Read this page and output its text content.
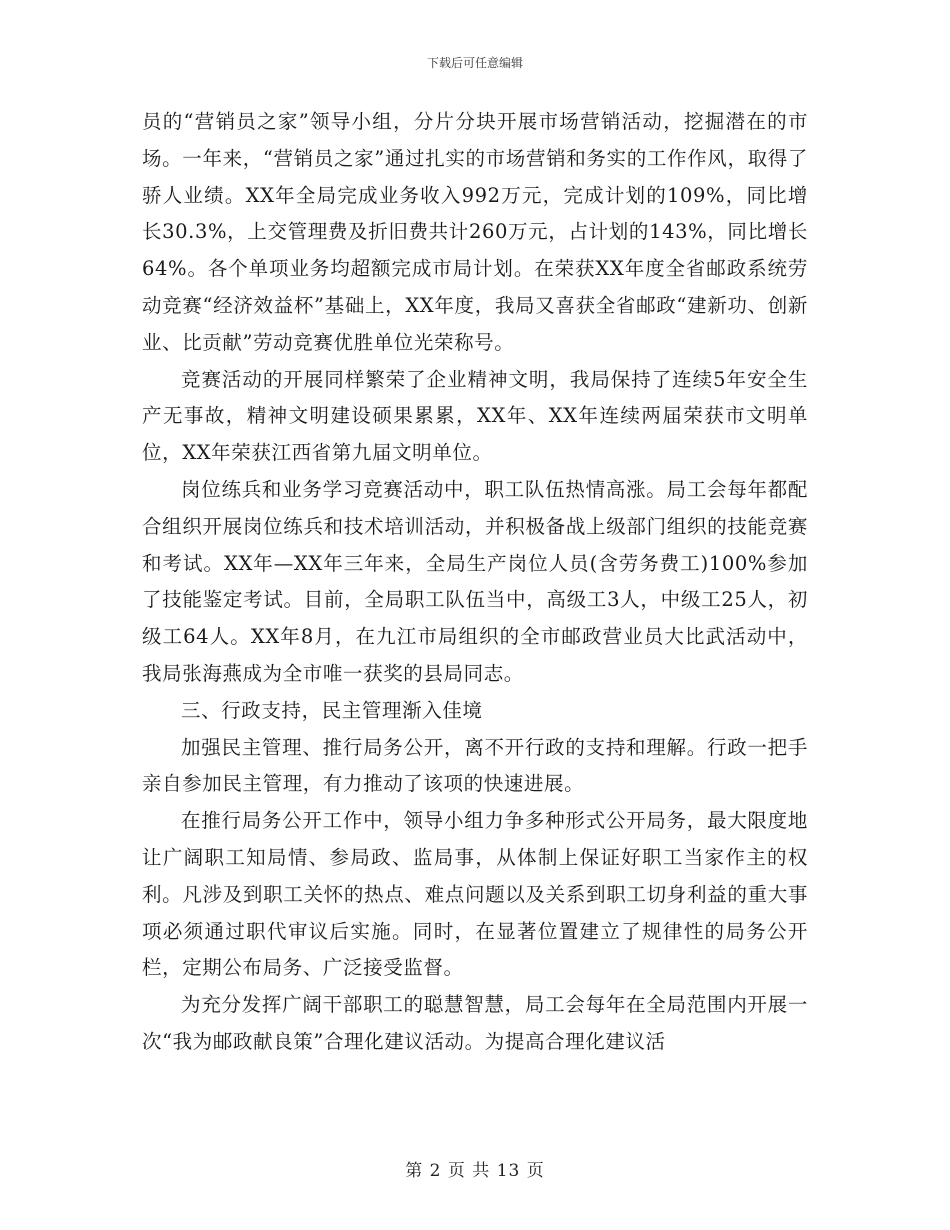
下载后可任意编辑

员的“营销员之家”领导小组，分片分块开展市场营销活动，挖掘潜在的市场。一年来，“营销员之家”通过扎实的市场营销和务实的工作作风，取得了骄人业绩。XX年全局完成业务收入992万元，完成计划的109%，同比增长30.3%，上交管理费及折旧费共计260万元，占计划的143%，同比增长64%。各个单项业务均超额完成市局计划。在荣获XX年度全省邮政系统劳动竞赛“经济效益杯”基础上，XX年度，我局又喜获全省邮政“建新功、创新业、比贡献”劳动竞赛优胜单位光荣称号。

竞赛活动的开展同样繁荣了企业精神文明，我局保持了连续5年安全生产无事故，精神文明建设硕果累累，XX年、XX年连续两届荣获市文明单位，XX年荣获江西省第九届文明单位。

岗位练兵和业务学习竞赛活动中，职工队伍热情高涨。局工会每年都配合组织开展岗位练兵和技术培训活动，并积极备战上级部门组织的技能竞赛和考试。XX年—XX年三年来，全局生产岗位人员(含劳务费工)100%参加了技能鉴定考试。目前，全局职工队伍当中，高级工3人，中级工25人，初级工64人。XX年8月，在九江市局组织的全市邮政营业员大比武活动中，我局张海燕成为全市唯一获奖的县局同志。

三、行政支持，民主管理渐入佳境

加强民主管理、推行局务公开，离不开行政的支持和理解。行政一把手亲自参加民主管理，有力推动了该项的快速进展。

在推行局务公开工作中，领导小组力争多种形式公开局务，最大限度地让广阔职工知局情、参局政、监局事，从体制上保证好职工当家作主的权利。凡涉及到职工关怀的热点、难点问题以及关系到职工切身利益的重大事项必须通过职代审议后实施。同时，在显著位置建立了规律性的局务公开栏，定期公布局务、广泛接受监督。

为充分发挥广阔干部职工的聪慧智慧，局工会每年在全局范围内开展一次“我为邮政献良策”合理化建议活动。为提高合理化建议活

第 2 页 共 13 页
